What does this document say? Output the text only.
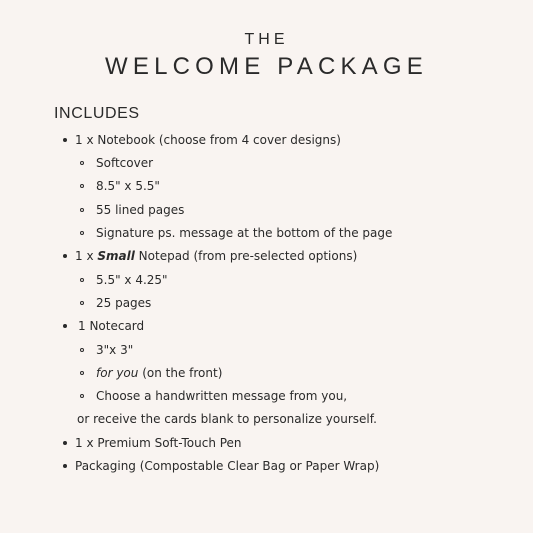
THE
WELCOME PACKAGE
INCLUDES
1 x Notebook (choose from 4 cover designs)
Softcover
8.5" x 5.5"
55 lined pages
Signature ps. message at the bottom of the page
1 x Small Notepad (from pre-selected options)
5.5" x 4.25"
25 pages
1 Notecard
3"x 3"
for you (on the front)
Choose a handwritten message from you,
or receive the cards blank to personalize yourself.
1 x Premium Soft-Touch Pen
Packaging (Compostable Clear Bag or Paper Wrap)
